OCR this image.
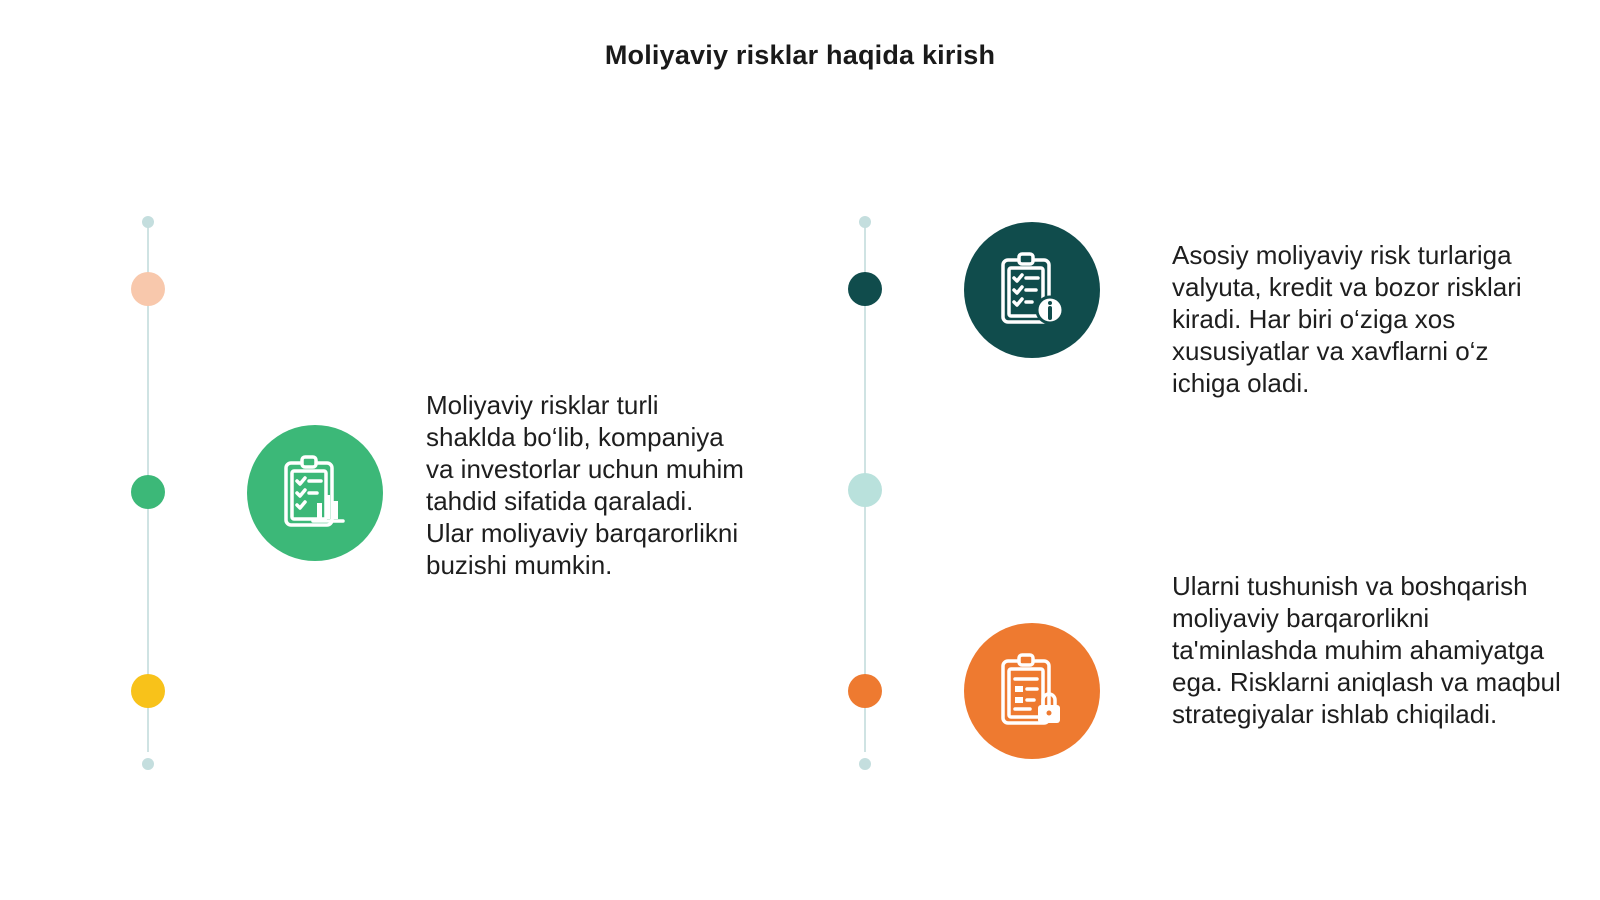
Moliyaviy risklar haqida kirish
Moliyaviy risklar turli shaklda bo‘lib, kompaniya va investorlar uchun muhim tahdid sifatida qaraladi. Ular moliyaviy barqarorlikni buzishi mumkin.
Asosiy moliyaviy risk turlariga valyuta, kredit va bozor risklari kiradi. Har biri o‘ziga xos xususiyatlar va xavflarni o‘z ichiga oladi.
Ularni tushunish va boshqarish moliyaviy barqarorlikni ta'minlashda muhim ahamiyatga ega. Risklarni aniqlash va maqbul strategiyalar ishlab chiqiladi.
